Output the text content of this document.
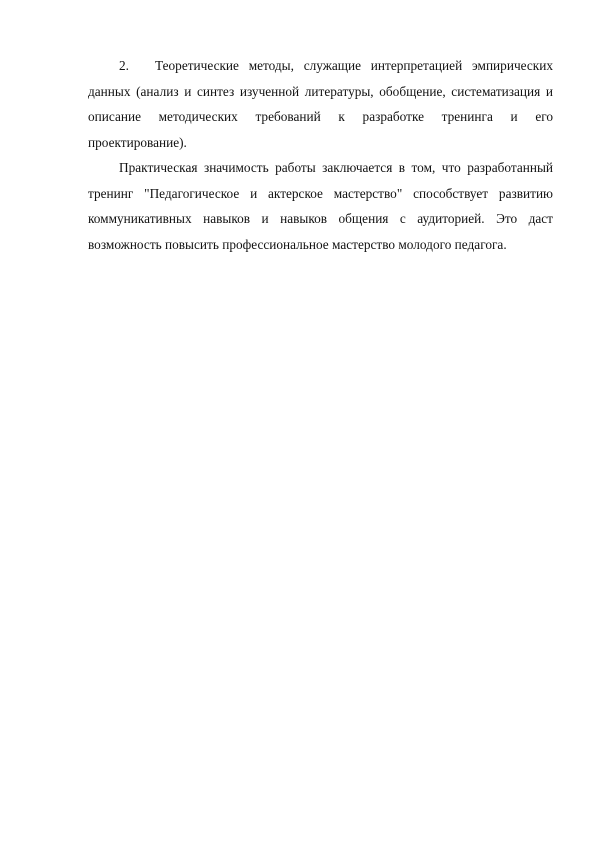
2. Теоретические методы, служащие интерпретацией эмпирических данных (анализ и синтез изученной литературы, обобщение, систематизация и описание методических требований к разработке тренинга и его проектирование).

Практическая значимость работы заключается в том, что разработанный тренинг "Педагогическое и актерское мастерство" способствует развитию коммуникативных навыков и навыков общения с аудиторией. Это даст возможность повысить профессиональное мастерство молодого педагога.
